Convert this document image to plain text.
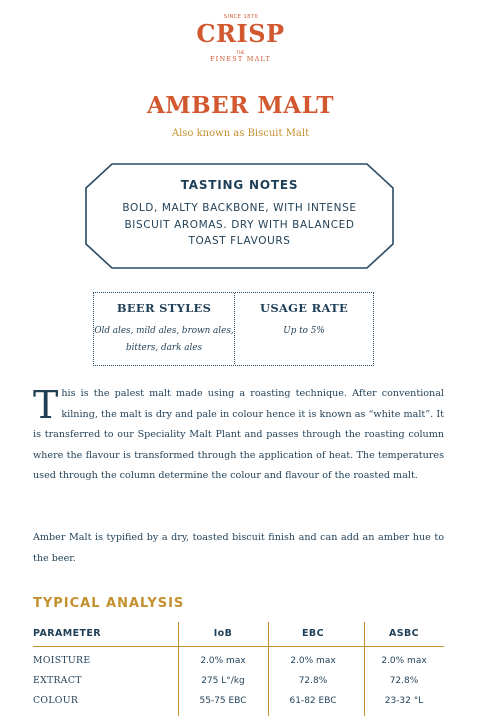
SINCE 1870
CRISP
THE
FINEST MALT
AMBER MALT
Also known as Biscuit Malt
TASTING NOTES
BOLD, MALTY BACKBONE, WITH INTENSE BISCUIT AROMAS. DRY WITH BALANCED TOAST FLAVOURS
BEER STYLES
Old ales, mild ales, brown ales, bitters, dark ales
USAGE RATE
Up to 5%
This is the palest malt made using a roasting technique. After conventional kilning, the malt is dry and pale in colour hence it is known as “white malt”. It is transferred to our Speciality Malt Plant and passes through the roasting column where the flavour is transformed through the application of heat. The temperatures used through the column determine the colour and flavour of the roasted malt.
Amber Malt is typified by a dry, toasted biscuit finish and can add an amber hue to the beer.
TYPICAL ANALYSIS
PARAMETER	IoB	EBC	ASBC
MOISTURE	2.0% max	2.0% max	2.0% max
EXTRACT	275 L°/kg	72.8%	72.8%
COLOUR	55-75 EBC	61-82 EBC	23-32 °L
